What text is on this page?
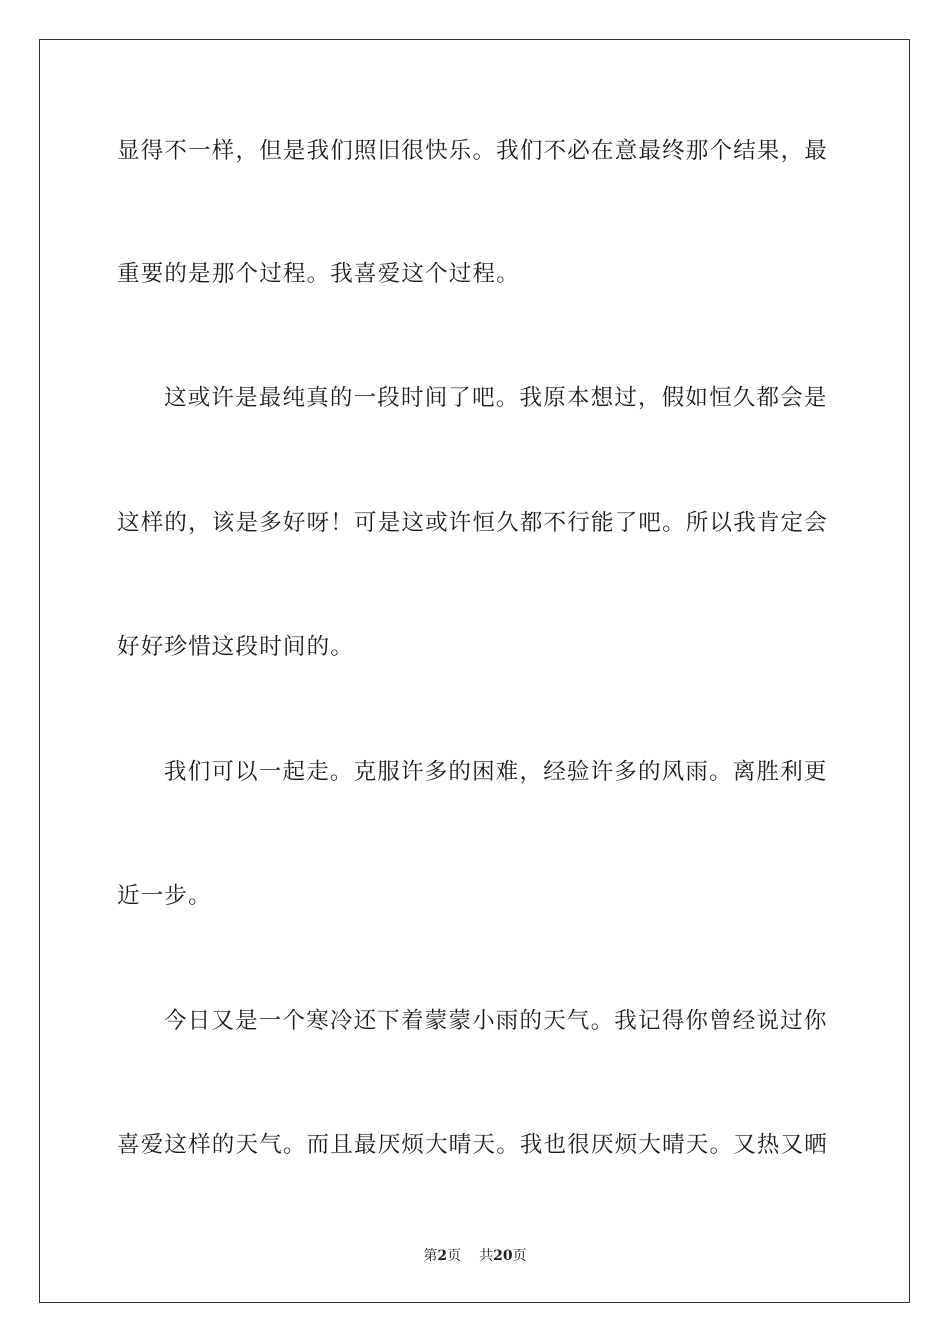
显得不一样，但是我们照旧很快乐。我们不必在意最终那个结果，最
重要的是那个过程。我喜爱这个过程。
这或许是最纯真的一段时间了吧。我原本想过，假如恒久都会是
这样的，该是多好呀！可是这或许恒久都不行能了吧。所以我肯定会
好好珍惜这段时间的。
我们可以一起走。克服许多的困难，经验许多的风雨。离胜利更
近一步。
今日又是一个寒冷还下着蒙蒙小雨的天气。我记得你曾经说过你
喜爱这样的天气。而且最厌烦大晴天。我也很厌烦大晴天。又热又晒
第2页 共20页
